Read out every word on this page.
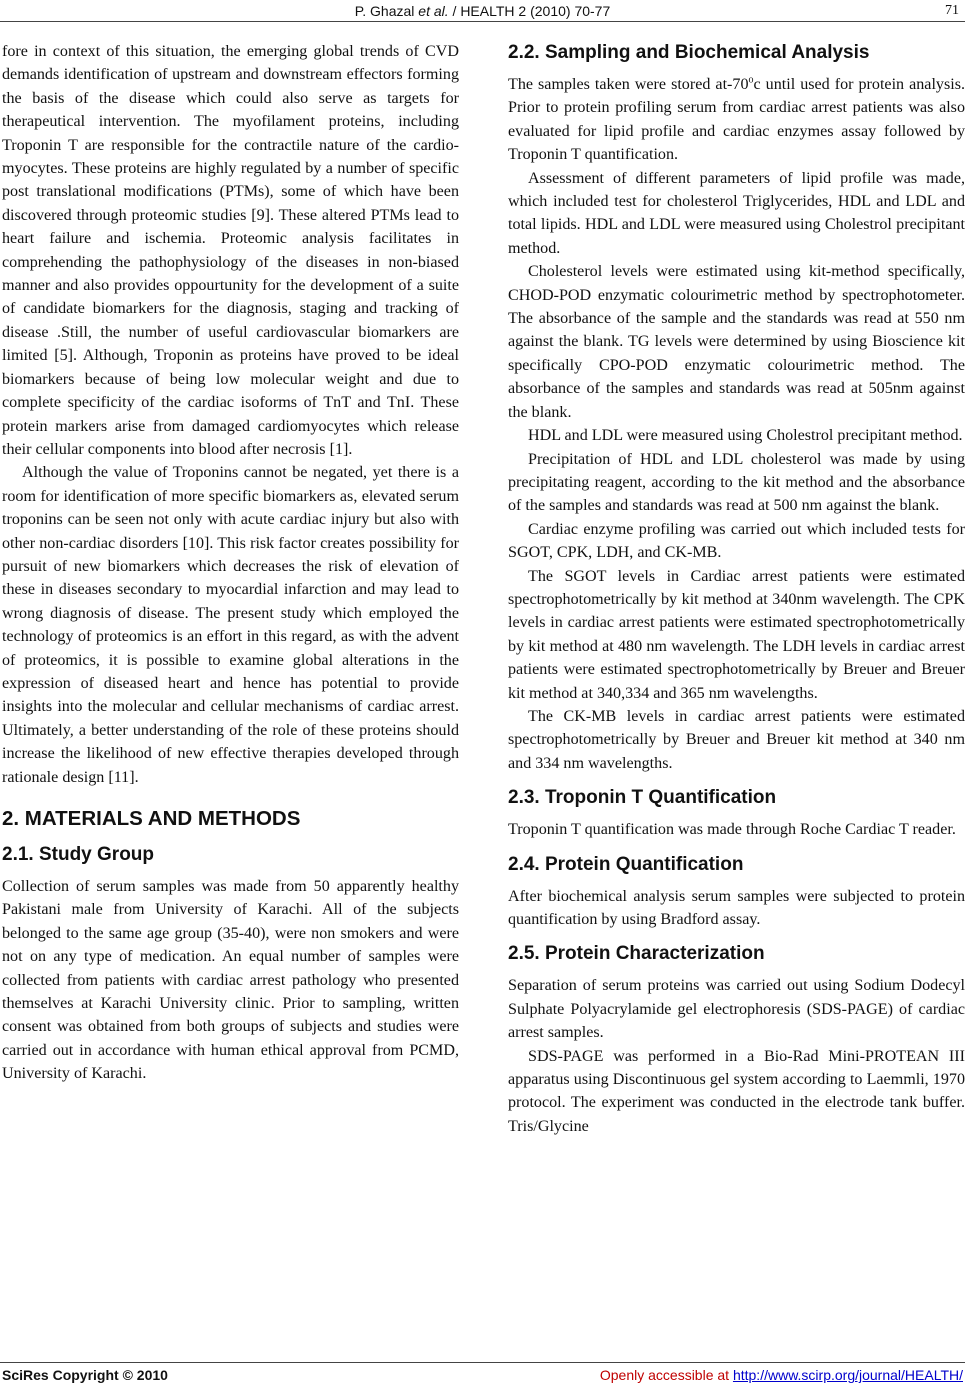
P. Ghazal et al. / HEALTH 2 (2010) 70-77	71

fore in context of this situation, the emerging global trends of CVD demands identification of upstream and downstream effectors forming the basis of the disease which could also serve as targets for therapeutical intervention. The myofilament proteins, including Troponin T are responsible for the contractile nature of the cardiomyocytes. These proteins are highly regulated by a number of specific post translational modifications (PTMs), some of which have been discovered through proteomic studies [9]. These altered PTMs lead to heart failure and ischemia. Proteomic analysis facilitates in comprehending the pathophysiology of the diseases in non-biased manner and also provides oppourtunity for the development of a suite of candidate biomarkers for the diagnosis, staging and tracking of disease .Still, the number of useful cardiovascular biomarkers are limited [5]. Although, Troponin as proteins have proved to be ideal biomarkers because of being low molecular weight and due to complete specificity of the cardiac isoforms of TnT and TnI. These protein markers arise from damaged cardiomyocytes which release their cellular components into blood after necrosis [1].

Although the value of Troponins cannot be negated, yet there is a room for identification of more specific biomarkers as, elevated serum troponins can be seen not only with acute cardiac injury but also with other non-cardiac disorders [10]. This risk factor creates possibility for pursuit of new biomarkers which decreases the risk of elevation of these in diseases secondary to myocardial infarction and may lead to wrong diagnosis of disease. The present study which employed the technology of proteomics is an effort in this regard, as with the advent of proteomics, it is possible to examine global alterations in the expression of diseased heart and hence has potential to provide insights into the molecular and cellular mechanisms of cardiac arrest. Ultimately, a better understanding of the role of these proteins should increase the likelihood of new effective therapies developed through rationale design [11].

2. MATERIALS AND METHODS
2.1. Study Group

Collection of serum samples was made from 50 apparently healthy Pakistani male from University of Karachi. All of the subjects belonged to the same age group (35-40), were non smokers and were not on any type of medication. An equal number of samples were collected from patients with cardiac arrest pathology who presented themselves at Karachi University clinic. Prior to sampling, written consent was obtained from both groups of subjects and studies were carried out in accordance with human ethical approval from PCMD, University of Karachi.

2.2. Sampling and Biochemical Analysis

The samples taken were stored at-70$^o$c until used for protein analysis. Prior to protein profiling serum from cardiac arrest patients was also evaluated for lipid profile and cardiac enzymes assay followed by Troponin T quantification.

Assessment of different parameters of lipid profile was made, which included test for cholesterol Triglycerides, HDL and LDL and total lipids. HDL and LDL were measured using Cholestrol precipitant method.

Cholesterol levels were estimated using kit-method specifically, CHOD-POD enzymatic colourimetric method by spectrophotometer. The absorbance of the sample and the standards was read at 550 nm against the blank. TG levels were determined by using Bioscience kit specifically CPO-POD enzymatic colourimetric method. The absorbance of the samples and standards was read at 505nm against the blank.

HDL and LDL were measured using Cholestrol precipitant method.

Precipitation of HDL and LDL cholesterol was made by using precipitating reagent, according to the kit method and the absorbance of the samples and standards was read at 500 nm against the blank.

Cardiac enzyme profiling was carried out which included tests for SGOT, CPK, LDH, and CK-MB.

The SGOT levels in Cardiac arrest patients were estimated spectrophotometrically by kit method at 340nm wavelength. The CPK levels in cardiac arrest patients were estimated spectrophotometrically by kit method at 480 nm wavelength. The LDH levels in cardiac arrest patients were estimated spectrophotometrically by Breuer and Breuer kit method at 340,334 and 365 nm wavelengths.

The CK-MB levels in cardiac arrest patients were estimated spectrophotometrically by Breuer and Breuer kit method at 340 nm and 334 nm wavelengths.

2.3. Troponin T Quantification

Troponin T quantification was made through Roche Cardiac T reader.

2.4. Protein Quantification

After biochemical analysis serum samples were subjected to protein quantification by using Bradford assay.

2.5. Protein Characterization

Separation of serum proteins was carried out using Sodium Dodecyl Sulphate Polyacrylamide gel electrophoresis (SDS-PAGE) of cardiac arrest samples.

SDS-PAGE was performed in a Bio-Rad Mini-PROTEAN III apparatus using Discontinuous gel system according to Laemmli, 1970 protocol. The experiment was conducted in the electrode tank buffer. Tris/Glycine

SciRes Copyright © 2010	Openly accessible at http://www.scirp.org/journal/HEALTH/
